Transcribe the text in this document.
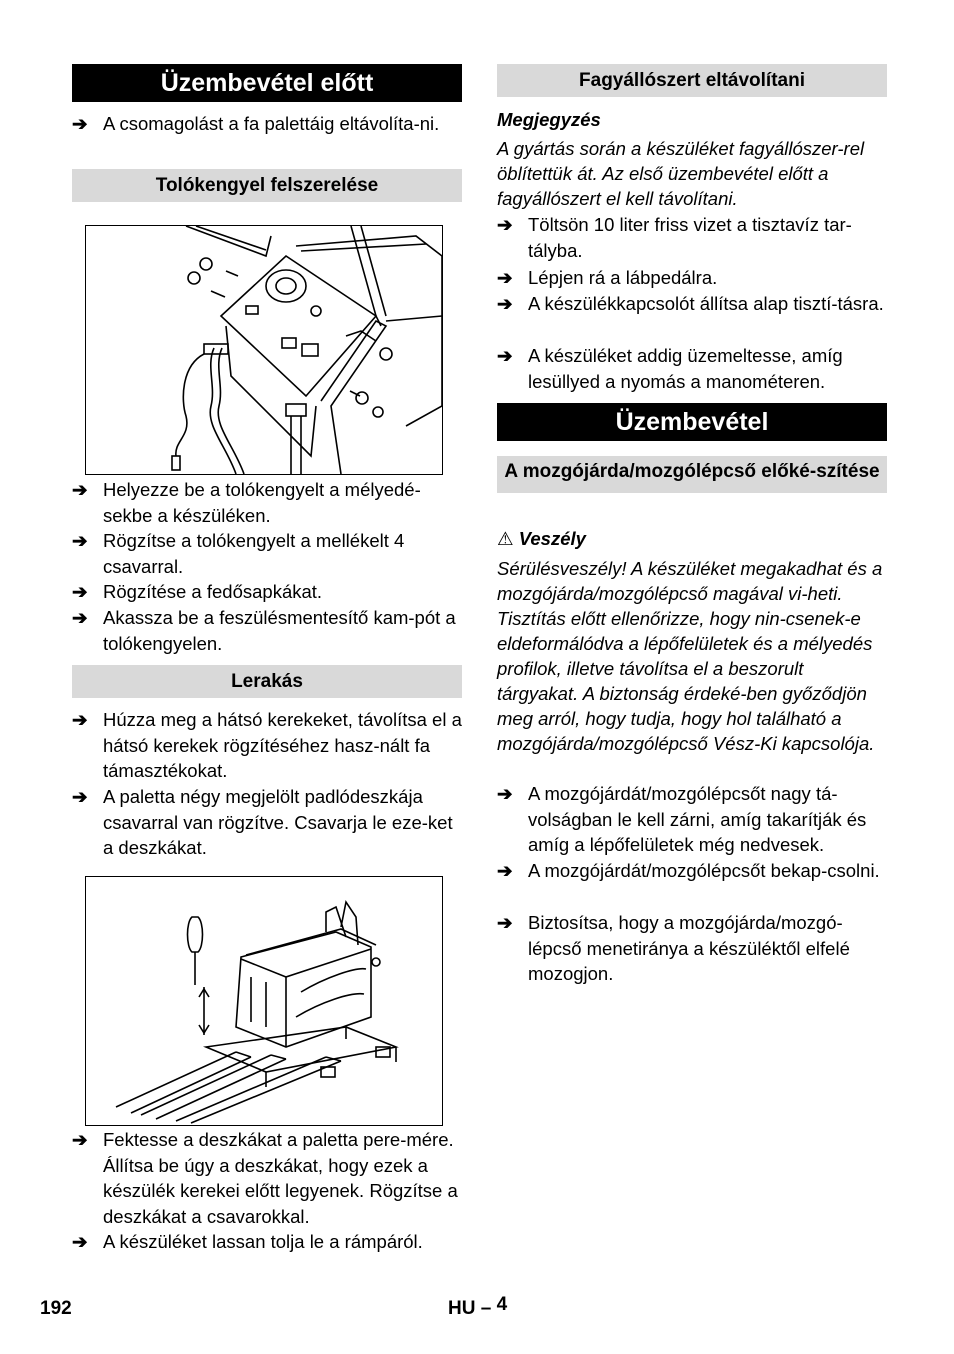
Üzembevétel előtt
➔ A csomagolást a fa palettáig eltávolíta-ni.
Tolókengyel felszerelése
➔ Helyezze be a tolókengyelt a mélyedé-sekbe a készüléken.
➔ Rögzítse a tolókengyelt a mellékelt 4 csavarral.
➔ Rögzítése a fedősapkákat.
➔ Akassza be a feszülésmentesítő kam-pót a tolókengyelen.
Lerakás
➔ Húzza meg a hátsó kerekeket, távolítsa el a hátsó kerekek rögzítéséhez hasz-nált fa támasztékokat.
➔ A paletta négy megjelölt padlódeszkája csavarral van rögzítve. Csavarja le eze-ket a deszkákat.
➔ Fektesse a deszkákat a paletta pere-mére. Állítsa be úgy a deszkákat, hogy ezek a készülék kerekei előtt legyenek. Rögzítse a deszkákat a csavarokkal.
➔ A készüléket lassan tolja le a rámpáról.
Fagyállószert eltávolítani
Megjegyzés
A gyártás során a készüléket fagyállószer-rel öblítettük át. Az első üzembevétel előtt a fagyállószert el kell távolítani.
➔ Töltsön 10 liter friss vizet a tisztavíz tar-tályba.
➔ Lépjen rá a lábpedálra.
➔ A készülékkapcsolót állítsa alap tisztí-tásra.
➔ A készüléket addig üzemeltesse, amíg lesüllyed a nyomás a manométeren.
Üzembevétel
A mozgójárda/mozgólépcső előké-szítése
⚠ Veszély
Sérülésveszély! A készüléket megakadhat és a mozgójárda/mozgólépcső magával vi-heti. Tisztítás előtt ellenőrizze, hogy nin-csenek-e eldeformálódva a lépőfelületek és a mélyedés profilok, illetve távolítsa el a beszorult tárgyakat. A biztonság érdeké-ben győződjön meg arról, hogy tudja, hogy hol található a mozgójárda/mozgólépcső Vész-Ki kapcsolója.
➔ A mozgójárdát/mozgólépcsőt nagy tá-volságban le kell zárni, amíg takarítják és amíg a lépőfelületek még nedvesek.
➔ A mozgójárdát/mozgólépcsőt bekap-csolni.
➔ Biztosítsa, hogy a mozgójárda/mozgó-lépcső menetiránya a készüléktől elfelé mozogjon.
192	HU – 4
